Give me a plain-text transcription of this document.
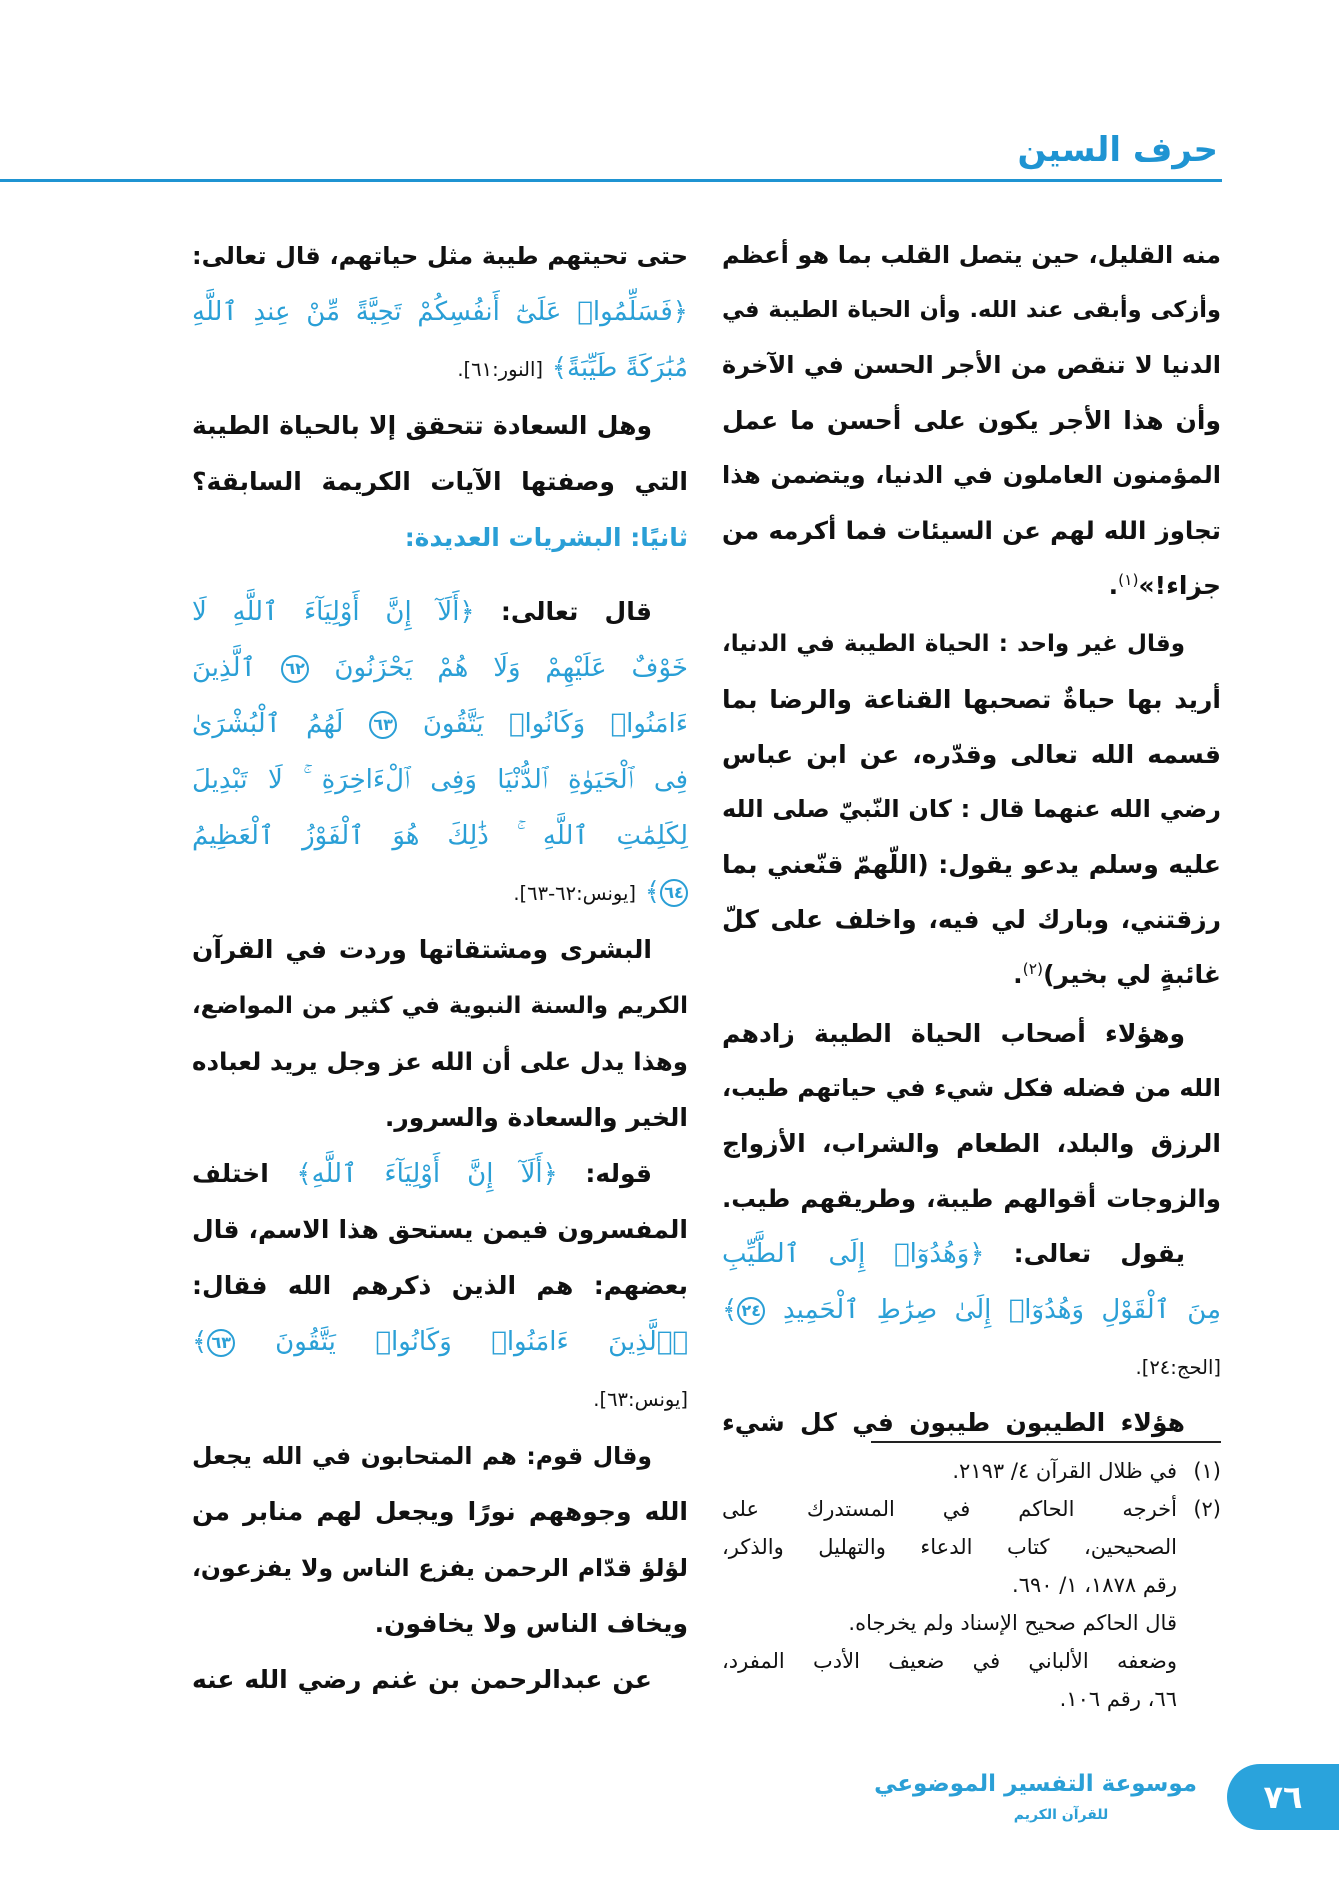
حرف السين
منه القليل، حين يتصل القلب بما هو أعظم
وأزكى وأبقى عند الله. وأن الحياة الطيبة في
الدنيا لا تنقص من الأجر الحسن في الآخرة
وأن هذا الأجر يكون على أحسن ما عمل
المؤمنون العاملون في الدنيا، ويتضمن هذا
تجاوز الله لهم عن السيئات فما أكرمه من
جزاء!»$^{(١)}$.
وقال غير واحد : الحياة الطيبة في الدنيا،
أريد بها حياةٌ تصحبها القناعة والرضا بما
قسمه الله تعالى وقدّره، عن ابن عباس
رضي الله عنهما قال : كان النّبيّ صلى الله
عليه وسلم يدعو يقول: (اللّهمّ قنّعني بما
رزقتني، وبارك لي فيه، واخلف على كلّ
غائبةٍ لي بخير)$^{(٢)}$.
وهؤلاء أصحاب الحياة الطيبة زادهم
الله من فضله فكل شيء في حياتهم طيب،
الرزق والبلد، الطعام والشراب، الأزواج
والزوجات أقوالهم طيبة، وطريقهم طيب.
يقول تعالى: ﴿وَهُدُوٓا۟ إِلَى ٱلطَّيِّبِ
مِنَ ٱلْقَوْلِ وَهُدُوٓا۟ إِلَىٰ صِرَٰطِ ٱلْحَمِيدِ ٢٤﴾
[الحج:٢٤].
هؤلاء الطيبون طيبون في كل شيء
حتى تحيتهم طيبة مثل حياتهم، قال تعالى:
﴿فَسَلِّمُوا۟ عَلَىٰٓ أَنفُسِكُمْ تَحِيَّةً مِّنْ عِندِ ٱللَّهِ
مُبَٰرَكَةً طَيِّبَةً﴾ [النور:٦١].
وهل السعادة تتحقق إلا بالحياة الطيبة
التي وصفتها الآيات الكريمة السابقة؟
ثانيًا: البشريات العديدة:
قال تعالى: ﴿أَلَآ إِنَّ أَوْلِيَآءَ ٱللَّهِ لَا
خَوْفٌ عَلَيْهِمْ وَلَا هُمْ يَحْزَنُونَ ٦٢ ٱلَّذِينَ
ءَامَنُوا۟ وَكَانُوا۟ يَتَّقُونَ ٦٣ لَهُمُ ٱلْبُشْرَىٰ
فِى ٱلْحَيَوٰةِ ٱلدُّنْيَا وَفِى ٱلْءَاخِرَةِ ۚ لَا تَبْدِيلَ
لِكَلِمَٰتِ ٱللَّهِ ۚ ذَٰلِكَ هُوَ ٱلْفَوْزُ ٱلْعَظِيمُ
٦٤﴾ [يونس:٦٢-٦٣].
البشرى ومشتقاتها وردت في القرآن
الكريم والسنة النبوية في كثير من المواضع،
وهذا يدل على أن الله عز وجل يريد لعباده
الخير والسعادة والسرور.
قوله: ﴿أَلَآ إِنَّ أَوْلِيَآءَ ٱللَّهِ﴾ اختلف
المفسرون فيمن يستحق هذا الاسم، قال
بعضهم: هم الذين ذكرهم الله فقال:
﴿ٱلَّذِينَ ءَامَنُوا۟ وَكَانُوا۟ يَتَّقُونَ ٦٣﴾
[يونس:٦٣].
وقال قوم: هم المتحابون في الله يجعل
الله وجوههم نورًا ويجعل لهم منابر من
لؤلؤ قدّام الرحمن يفزع الناس ولا يفزعون،
ويخاف الناس ولا يخافون.
عن عبدالرحمن بن غنم رضي الله عنه
(١)
في ظلال القرآن ٤/ ٢١٩٣.
(٢)
أخرجه الحاكم في المستدرك على
الصحيحين، كتاب الدعاء والتهليل والذكر،
رقم ١٨٧٨، ١/ ٦٩٠.
قال الحاكم صحيح الإسناد ولم يخرجاه.
وضعفه الألباني في ضعيف الأدب المفرد،
٦٦، رقم ١٠٦.
موسوعة التفسير الموضوعي
للقرآن الكريم	٧٦
